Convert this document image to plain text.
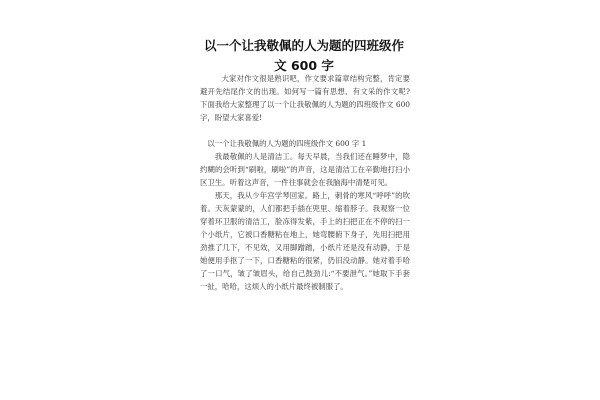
以一个让我敬佩的人为题的四班级作文 600 字

大家对作文很是熟识吧，作文要求篇章结构完整，肯定要避开先结尾作文的出现。如何写一篇有思想、有文采的作文呢?下面我给大家整理了以一个让我敬佩的人为题的四班级作文 600 字，盼望大家喜爱!

以一个让我敬佩的人为题的四班级作文 600 字 1

我最敬佩的人是清洁工。每天早晨，当我们还在睡梦中，隐约糊的会听到“刷啦，刷啦”的声音，这是清洁工在辛勤地打扫小区卫生。听着这声音，一件往事就会在我脑海中清楚可见。

那天，我从少年宫学琴回家。路上，刺骨的寒风“呼呼”的吹着。天灰蒙蒙的，人们都把手插在兜里、缩着脖子。我观察一位穿着环卫服的清洁工，脸冻得发紫，手上的扫把正在不停的扫一个小纸片，它被口香糖粘在地上，她弯腰俯下身子，先用扫把用劲推了几下，不见效，又用脚蹭蹭，小纸片还是没有动静，于是她便用手抠了一下，口香糖粘的很紧，仍旧没动静。她对着手哈了一口气，皱了皱眉头，给自己鼓劲儿:“不要泄气。”她取下手套一扯，哈哈，这烦人的小纸片最终被制服了。
